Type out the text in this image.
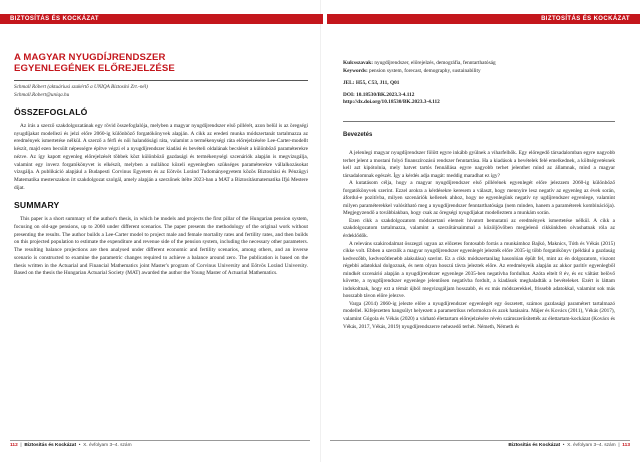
BIZTOSÍTÁS ÉS KOCKÁZAT	BIZTOSÍTÁS ÉS KOCKÁZAT
A MAGYAR NYUGDÍJRENDSZER
EGYENLEGÉNEK ELŐREJELZÉSE

Schmall Róbert (aktuáriusi szakértő a UNIQA Biztosító Zrt.-nél)

Schmall.Robert@uniqa.hu

ÖSSZEFOGLALÓ

Az írás a szerző szakdolgozatának egy rövid összefoglalója, melyben a magyar nyugdíjrendszer első pillérét, azon belül is az öregségi nyugdíjakat modellezi és jelzi előre 2060-ig különböző forgatókönyvek alapján. A cikk az eredeti munka módszertanát tartalmazza az eredmények ismertetése nélkül. A szerző a férfi és női halandósági ráta, valamint a termékenységi ráta előrejelzésére Lee-Carter-modellt készít, majd ezen becsült népességre építve végzi el a nyugdíjrendszer kiadási és bevételi oldalának becslését a különböző paraméterekre nézve. Az így kapott egyenleg előrejelzését többek közt különböző gazdasági és termékenységi szcenáriók alapján is megvizsgálja, valamint egy inverz forgatókönyvet is elkészít, melyben a nullához közeli egyenlegben szükséges paraméterekre vállalkozásokat vizsgálja. A publikáció alapjául a Budapesti Corvinus Egyetem és az Eötvös Loránd Tudományegyetem közös Biztosítási és Pénzügyi Matematika mesterszakon írt szakdolgozat szolgál, amely alapján a szerzőnek ítélte 2023-ban a MAT a Biztosításmatematika Ifjú Mestere díjat.

SUMMARY

This paper is a short summary of the author's thesis, in which he models and projects the first pillar of the Hungarian pension system, focusing on old-age pensions, up to 2060 under different scenarios. The paper presents the methodology of the original work without presenting the results. The author builds a Lee-Carter model to project male and female mortality rates and fertility rates, and then builds on this projected population to estimate the expenditure and revenue side of the pension system, including the necessary other parameters. The resulting balance projections are then analysed under different economic and fertility scenarios, among others, and an inverse scenario is constructed to examine the parametric changes required to achieve a balance around zero. The publication is based on the thesis written in the Actuarial and Financial Mathematics joint Master's program of Corvinus University and Eötvös Loránd University. Based on the thesis the Hungarian Actuarial Society (MAT) awarded the author the Young Master of Actuarial Mathematics.

Kulcsszavak: nyugdíjrendszer, előrejelzés, demográfia, fenntarthatóság

Keywords: pension system, forecast, demography, sustainability

JEL: H55, C53, J11, Q01

DOI: 10.18530/BK.2023.3-4.112

http://dx.doi.org/10.18530/BK.2023.3-4.112

Bevezetés

A jelenlegi magyar nyugdíjrendszer fölött egyre inkább gyülnek a viharfelhők. Egy elöregedő társadalomban egyre nagyobb terhet jelent a mostani folyó finanszírozású rendszer fenntartása. Ha a kiadások a bevételek felé emelkednek, a költségvetésnek kell azt kipótolnia, mely hatvet tartós fennállása egyre nagyobb terhet jelenthet mind az államnak, mind a magyar társadalomnak egészét. Így a kérdés adja magát: meddig maradhat ez így?

A kutatásom célja, hogy a magyar nyugdíjrendszer első pillérének egyenlegét előre jelezzem 2060-ig különböző forgatókönyvek szerint. Ezzel arokra a kérdésekre keresem a választ, hogy mennyire lesz negatív az egyenleg az évek során, áfordul-e pozitívba, milyen szcenáriók kellenek ahhoz, hogy ne egyenlegünk negatív ny ugdíjrendszer egyenlege, valamint milyen paraméterekkel valósítható meg a nyugdíjrendszer fenntarthatósága (nem minden, hanem a paraméterek kombinációja). Megjegyzendő a továbbiakban, hogy csak az öregségi nyugdíjakat modelleztem a munkám során.

Ezen cikk a szakdolgozatom módszertani elemeit hivatott bemutatni az eredmények ismertetése nélkül. A cikk a szakdolgozatom tartalmazza, valamint a szerzőtársaimmal a közöljövőben megjelenő cikkünkben olvashatnak róla az érdeklődők.

A releváns szakirodalmat összegzi ugyan az előzetes fontosabb forrás a munkámhoz Bajkó, Maknics, Tóth és Vékás (2015) cikke volt. Ebben a szerzők a magyar nyugdíjrendszer egyenlegét jelezték előre 2035-ig több forgatókönyv (például a gazdaság kedvezőbb, kedvezőtlenebb alakulása) szerint. Ez a cikk módszertanilag hasonlóan épült fel, mint az én dolgozatom, viszont régebbi adatokkal dolgoznak, és nem olyan hosszú távra jeleztek előre. Az eredményeik alapján az akkor paritív egyenlegből mindkét szcenárió alapján a nyugdíjrendszer egyenlege 2035-ben negatívba fordulhat. Azóta eltelt 8 év, és ez váltást belövő követte, a nyugdíjrendszer egyenlege jelentősen negatívba fordult, a kiadások meghaladták a bevételeket. Ezért is láttam indokoltnak, hogy ezt a témát újból megvizsgáljam hosszabb, és ez más módszerekkel, frissebb adatokkal, valamint sok más hosszabb távon előre jelezve.

Varga (2014) 2060-ig jelezte előre a nyugdíjrendszer egyenlegét egy összetett, számos gazdasági paramétert tartalmazó modellel. Kifejezetten hangsúlyt helyezett a parametrikus reformokra és azok hatásaira. Májer és Kovács (2011), Vékás (2017), valamint Gógola és Vékás (2020) a várható élettartam előrejelzésére révén számszerűsítették az élettartam-kockázat (Kovács és Vékás, 2017, Vékás, 2019) nyugdíjrendszerre nehezedő terhét. Németh, Németh és

112  |  Biztosítás és Kockázat  •  X. évfolyam 3–4. szám	Biztosítás és Kockázat  •  X. évfolyam 3–4. szám  |  113
